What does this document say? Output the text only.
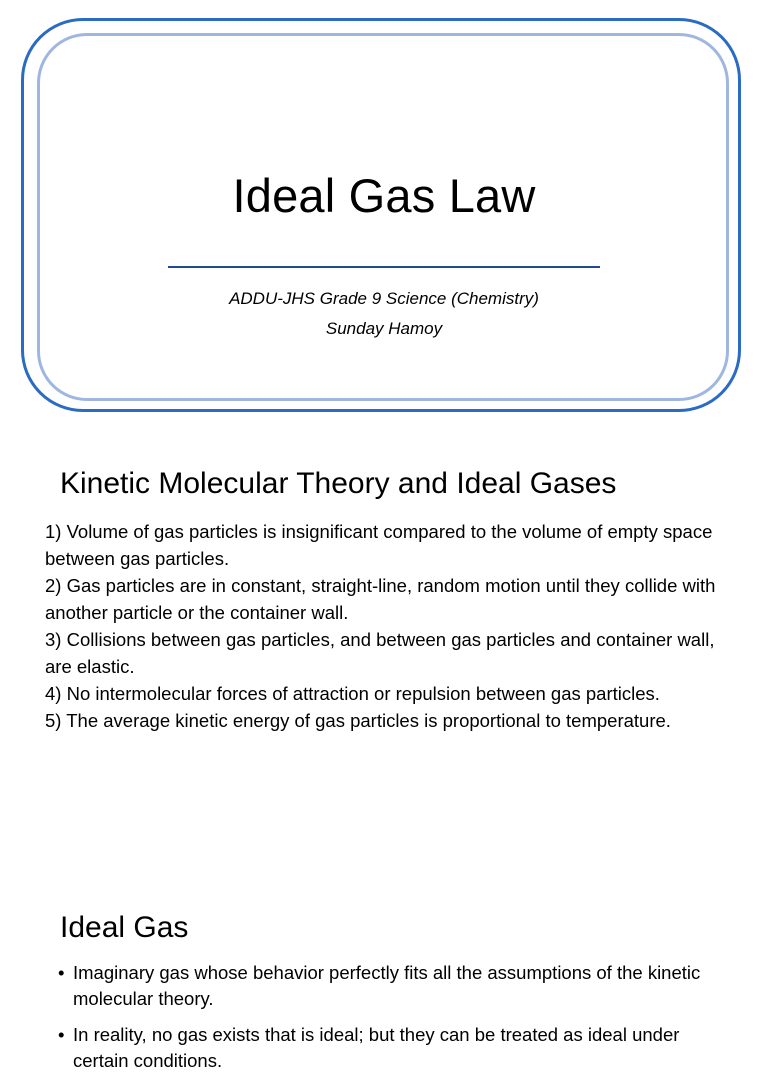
Ideal Gas Law
ADDU-JHS Grade 9 Science (Chemistry)
Sunday Hamoy
Kinetic Molecular Theory and Ideal Gases

1) Volume of gas particles is insignificant compared to the volume of empty space between gas particles.

2) Gas particles are in constant, straight-line, random motion until they collide with another particle or the container wall.

3) Collisions between gas particles, and between gas particles and container wall, are elastic.

4) No intermolecular forces of attraction or repulsion between gas particles.

5) The average kinetic energy of gas particles is proportional to temperature.

Ideal Gas
• Imaginary gas whose behavior perfectly fits all the assumptions of the kinetic molecular theory.
• In reality, no gas exists that is ideal; but they can be treated as ideal under certain conditions.
